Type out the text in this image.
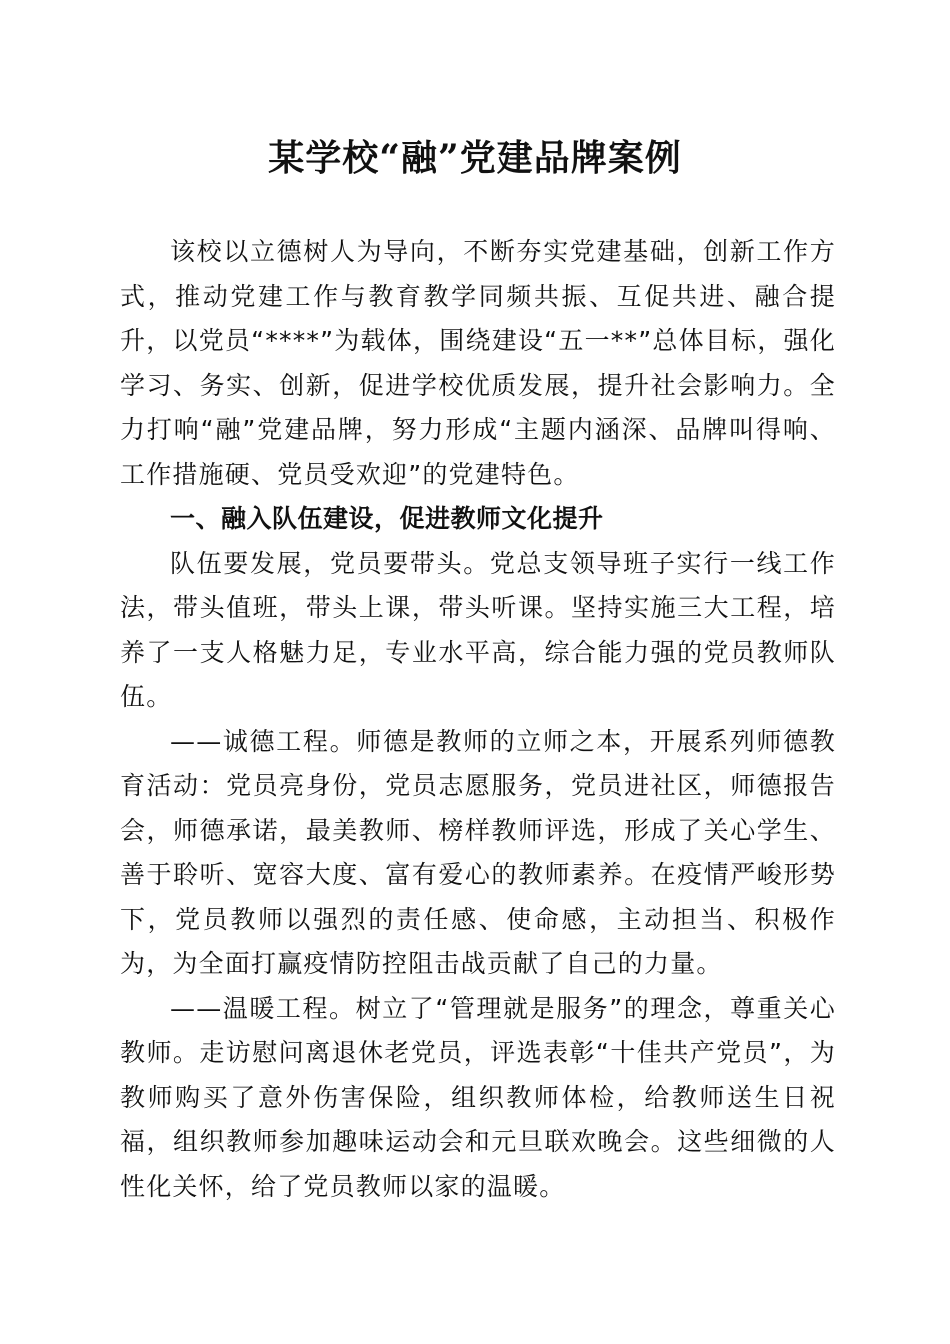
某学校“融”党建品牌案例

该校以立德树人为导向，不断夯实党建基础，创新工作方式，推动党建工作与教育教学同频共振、互促共进、融合提升，以党员“****”为载体，围绕建设“五一**”总体目标，强化学习、务实、创新，促进学校优质发展，提升社会影响力。全力打响“融”党建品牌，努力形成“主题内涵深、品牌叫得响、工作措施硬、党员受欢迎”的党建特色。

一、融入队伍建设，促进教师文化提升

队伍要发展，党员要带头。党总支领导班子实行一线工作法，带头值班，带头上课，带头听课。坚持实施三大工程，培养了一支人格魅力足，专业水平高，综合能力强的党员教师队伍。

——诚德工程。师德是教师的立师之本，开展系列师德教育活动：党员亮身份，党员志愿服务，党员进社区，师德报告会，师德承诺，最美教师、榜样教师评选，形成了关心学生、善于聆听、宽容大度、富有爱心的教师素养。在疫情严峻形势下，党员教师以强烈的责任感、使命感，主动担当、积极作为，为全面打赢疫情防控阻击战贡献了自己的力量。

——温暖工程。树立了“管理就是服务”的理念，尊重关心教师。走访慰问离退休老党员，评选表彰“十佳共产党员”，为教师购买了意外伤害保险，组织教师体检，给教师送生日祝福，组织教师参加趣味运动会和元旦联欢晚会。这些细微的人性化关怀，给了党员教师以家的温暖。
